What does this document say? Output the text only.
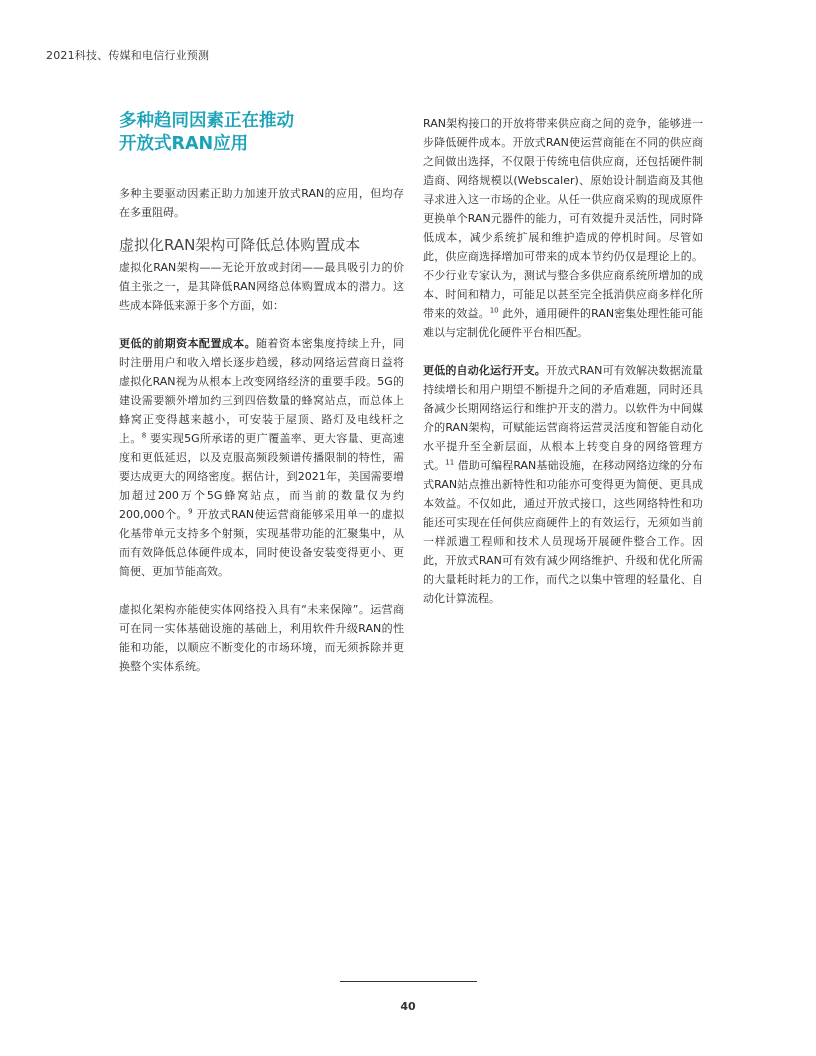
2021科技、传媒和电信行业预测
多种趋同因素正在推动
开放式RAN应用

多种主要驱动因素正助力加速开放式RAN的应用，但均存在多重阻碍。

虚拟化RAN架构可降低总体购置成本

虚拟化RAN架构——无论开放或封闭——最具吸引力的价值主张之一，是其降低RAN网络总体购置成本的潜力。这些成本降低来源于多个方面，如：

更低的前期资本配置成本。随着资本密集度持续上升，同时注册用户和收入增长逐步趋缓，移动网络运营商日益将虚拟化RAN视为从根本上改变网络经济的重要手段。5G的建设需要额外增加约三到四倍数量的蜂窝站点，而总体上蜂窝正变得越来越小，可安装于屋顶、路灯及电线杆之上。$^8$ 要实现5G所承诺的更广覆盖率、更大容量、更高速度和更低延迟，以及克服高频段频谱传播限制的特性，需要达成更大的网络密度。据估计，到2021年，美国需要增加超过200万个5G蜂窝站点，而当前的数量仅为约200,000个。$^9$ 开放式RAN使运营商能够采用单一的虚拟化基带单元支持多个射频，实现基带功能的汇聚集中，从而有效降低总体硬件成本，同时使设备安装变得更小、更简便、更加节能高效。

虚拟化架构亦能使实体网络投入具有“未来保障”。运营商可在同一实体基础设施的基础上，利用软件升级RAN的性能和功能，以顺应不断变化的市场环境，而无须拆除并更换整个实体系统。

RAN架构接口的开放将带来供应商之间的竞争，能够进一步降低硬件成本。开放式RAN使运营商能在不同的供应商之间做出选择，不仅限于传统电信供应商，还包括硬件制造商、网络规模以(Webscaler)、原始设计制造商及其他寻求进入这一市场的企业。从任一供应商采购的现成原件更换单个RAN元器件的能力，可有效提升灵活性，同时降低成本，减少系统扩展和维护造成的停机时间。尽管如此，供应商选择增加可带来的成本节约仍仅是理论上的。不少行业专家认为，测试与整合多供应商系统所增加的成本、时间和精力，可能足以甚至完全抵消供应商多样化所带来的效益。$^{10}$ 此外，通用硬件的RAN密集处理性能可能难以与定制优化硬件平台相匹配。

更低的自动化运行开支。开放式RAN可有效解决数据流量持续增长和用户期望不断提升之间的矛盾难题，同时还具备减少长期网络运行和维护开支的潜力。以软件为中间媒介的RAN架构，可赋能运营商将运营灵活度和智能自动化水平提升至全新层面，从根本上转变自身的网络管理方式。$^{11}$ 借助可编程RAN基础设施，在移动网络边缘的分布式RAN站点推出新特性和功能亦可变得更为简便、更具成本效益。不仅如此，通过开放式接口，这些网络特性和功能还可实现在任何供应商硬件上的有效运行，无须如当前一样派遣工程师和技术人员现场开展硬件整合工作。因此，开放式RAN可有效有减少网络维护、升级和优化所需的大量耗时耗力的工作，而代之以集中管理的轻量化、自动化计算流程。

40
